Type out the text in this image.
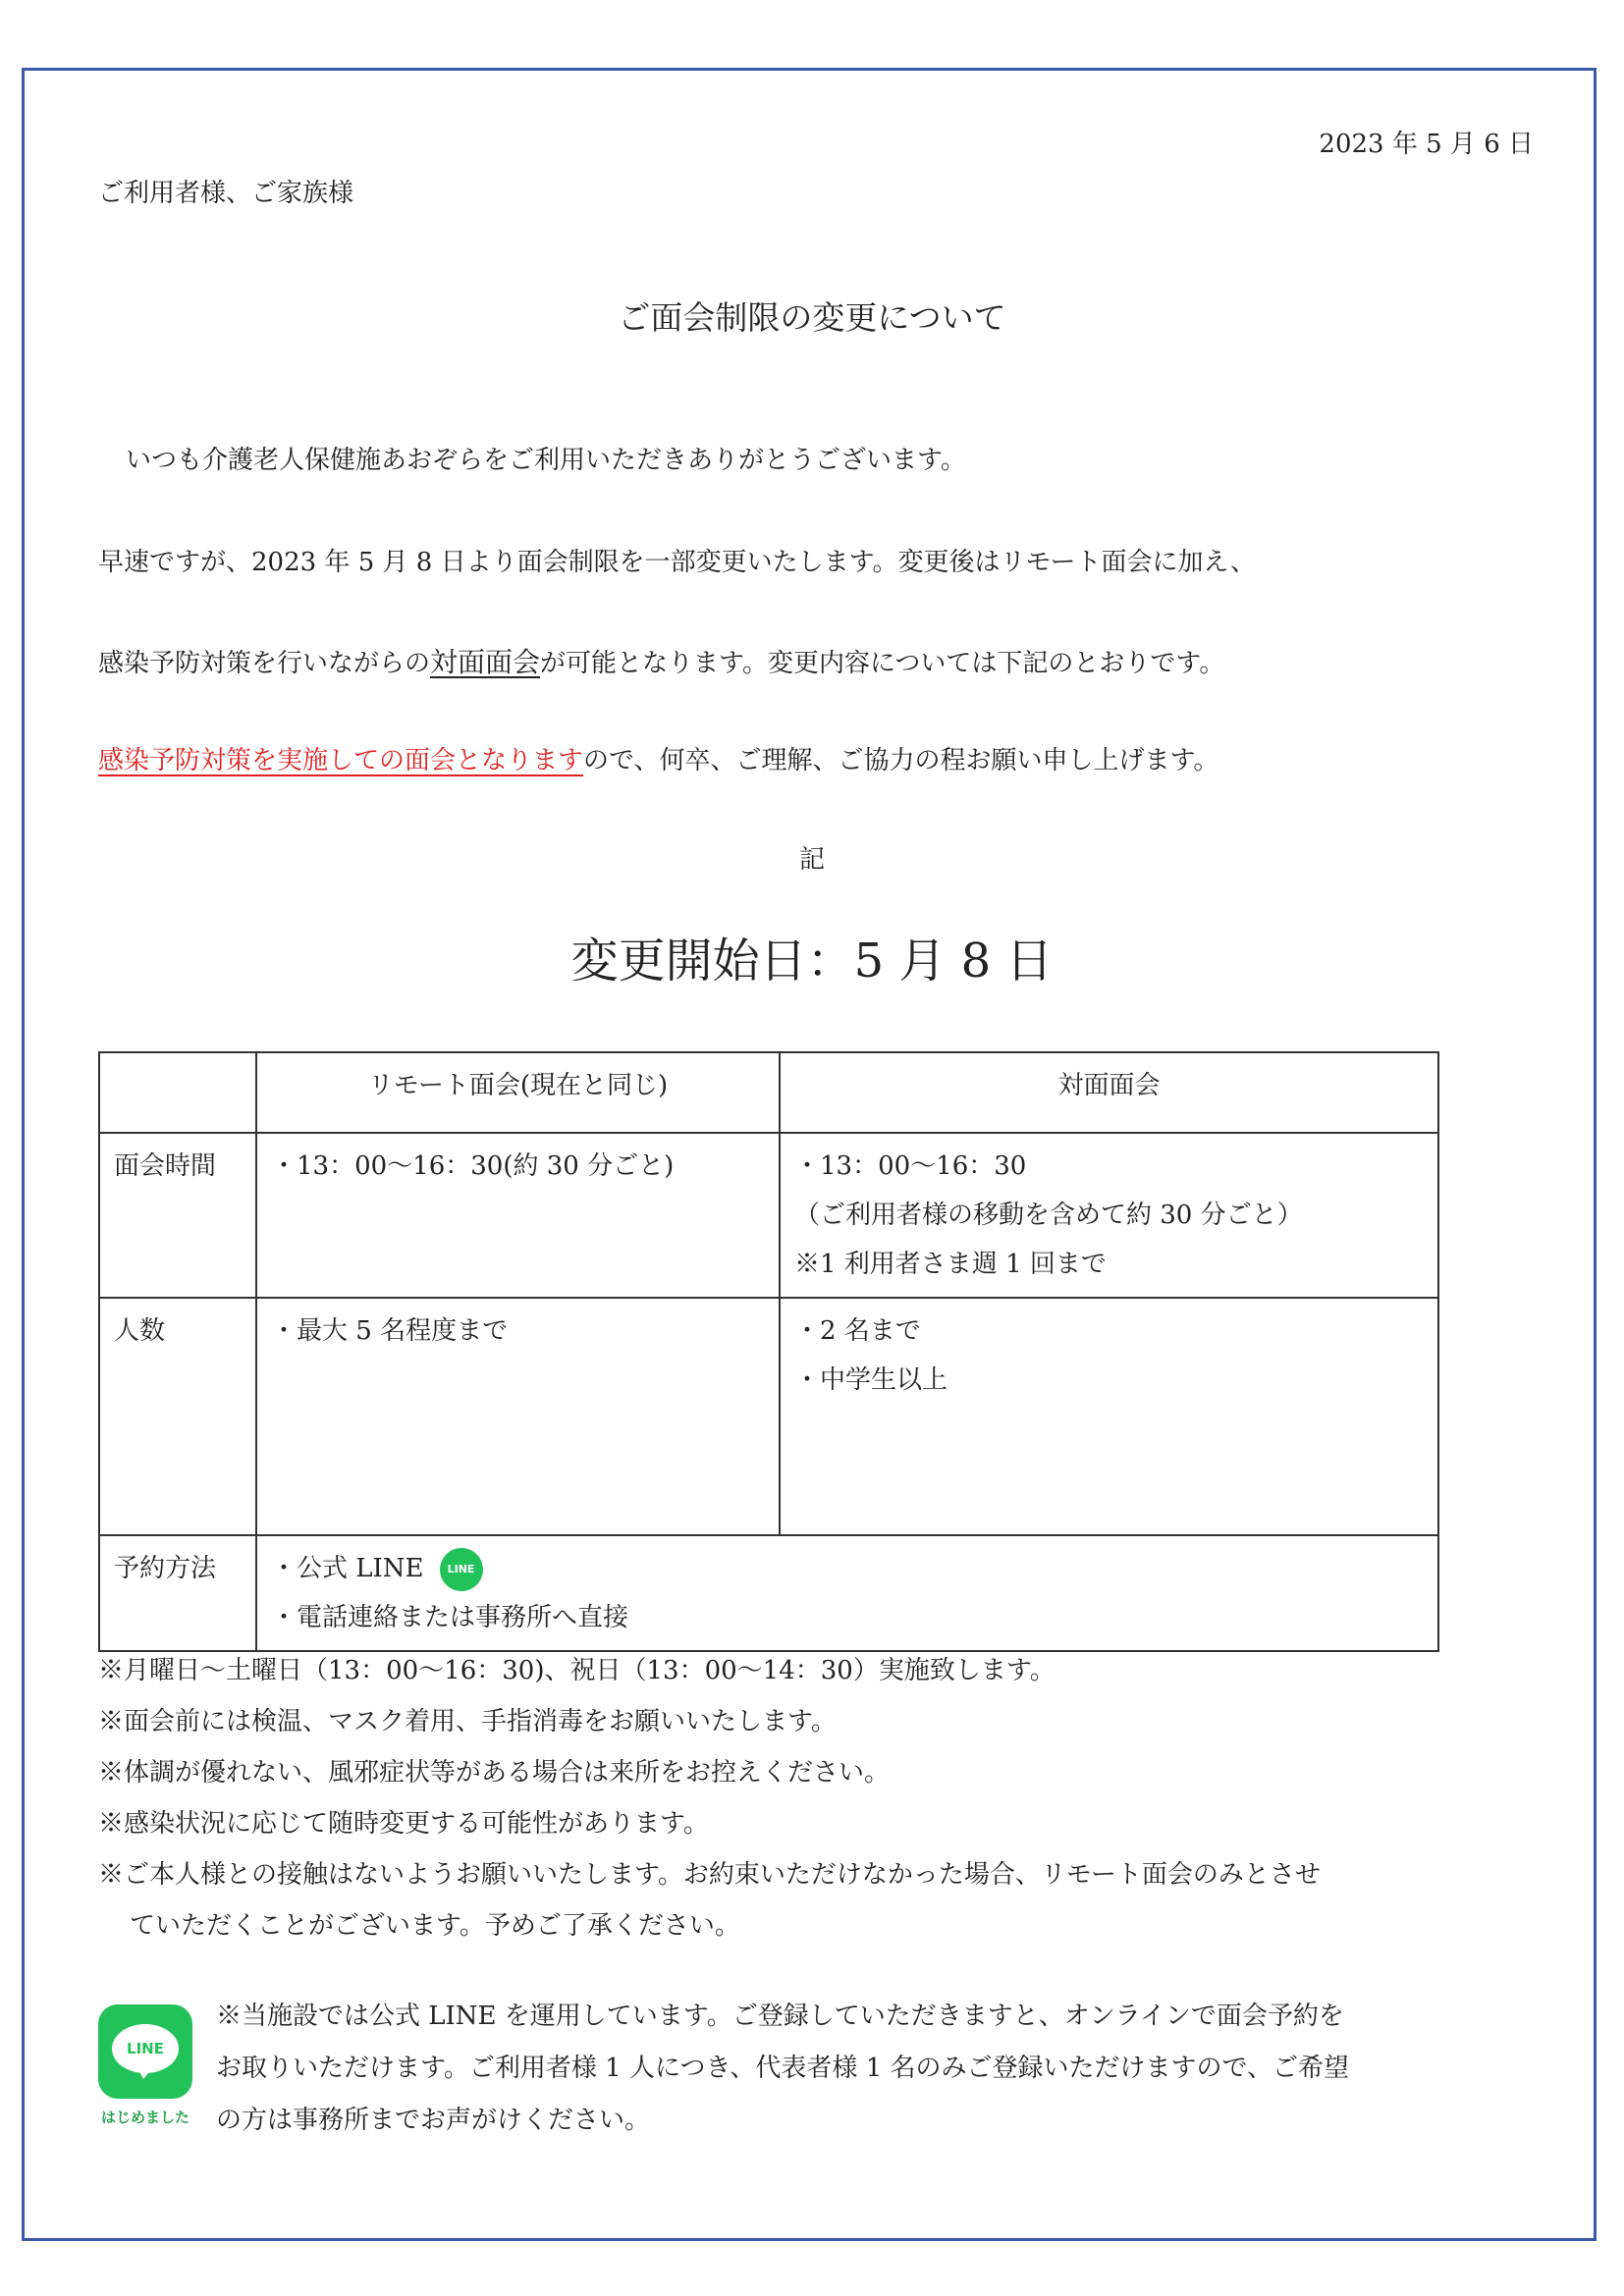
2023 年 5 月 6 日
ご利用者様、ご家族様
ご面会制限の変更について
いつも介護老人保健施あおぞらをご利用いただきありがとうございます。
早速ですが、2023 年 5 月 8 日より面会制限を一部変更いたします。変更後はリモート面会に加え、
感染予防対策を行いながらの対面面会が可能となります。変更内容については下記のとおりです。
感染予防対策を実施しての面会となりますので、何卒、ご理解、ご協力の程お願い申し上げます。
記
変更開始日：5 月 8 日
	リモート面会(現在と同じ)	対面面会
面会時間	・13：00〜16：30(約 30 分ごと)	・13：00〜16：30
（ご利用者様の移動を含めて約 30 分ごと）
※1 利用者さま週 1 回まで

人数	・最大 5 名程度まで	・2 名まで
・中学生以上

予約方法	・公式 LINE LINE
・電話連絡または事務所へ直接	
※月曜日〜土曜日（13：00〜16：30)、祝日（13：00〜14：30）実施致します。
※面会前には検温、マスク着用、手指消毒をお願いいたします。
※体調が優れない、風邪症状等がある場合は来所をお控えください。
※感染状況に応じて随時変更する可能性があります。
※ご本人様との接触はないようお願いいたします。お約束いただけなかった場合、リモート面会のみとさせ
ていただくことがございます。予めご了承ください。
LINE
はじめました
※当施設では公式 LINE を運用しています。ご登録していただきますと、オンラインで面会予約を
お取りいただけます。ご利用者様 1 人につき、代表者様 1 名のみご登録いただけますので、ご希望
の方は事務所までお声がけください。
